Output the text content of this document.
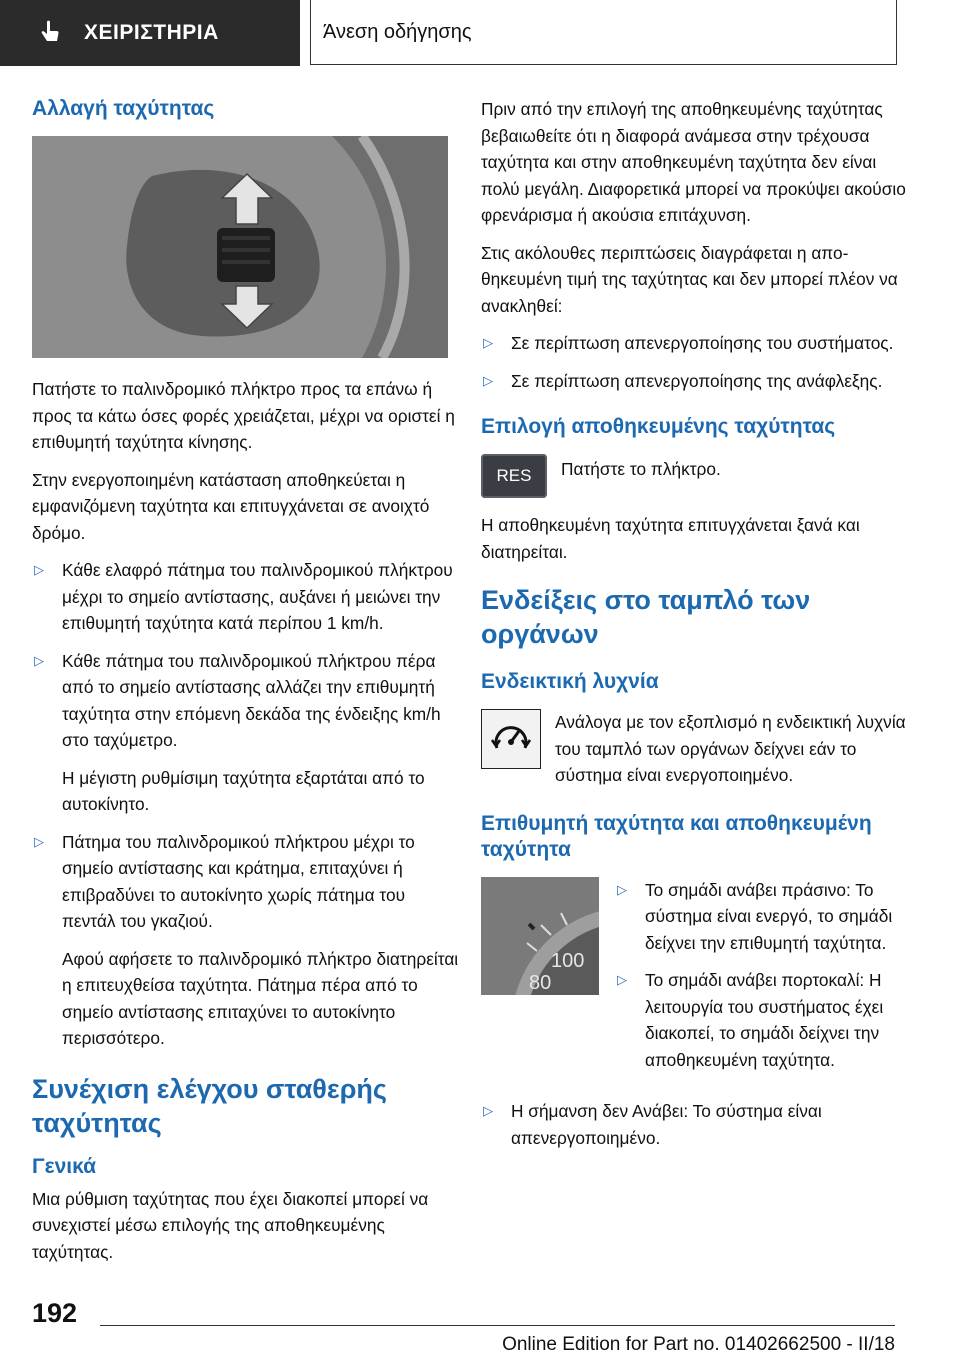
ΧΕΙΡΙΣΤΗΡΙΑ	Άνεση οδήγησης
Αλλαγή ταχύτητας

Πατήστε το παλινδρομικό πλήκτρο προς τα επάνω ή προς τα κάτω όσες φορές χρειάζεται, μέχρι να οριστεί η επιθυμητή ταχύτητα κίνησης.

Στην ενεργοποιημένη κατάσταση αποθηκεύεται η εμφανιζόμενη ταχύτητα και επιτυγχάνεται σε ανοιχτό δρόμο.

▷ Κάθε ελαφρό πάτημα του παλινδρομικού πλήκτρου μέχρι το σημείο αντίστασης, αυξάνει ή μειώνει την επιθυμητή ταχύτητα κατά περίπου 1 km/h.
▷ Κάθε πάτημα του παλινδρομικού πλήκτρου πέρα από το σημείο αντίστασης αλλάζει την επιθυμητή ταχύτητα στην επόμενη δεκάδα της ένδειξης km/h στο ταχύμετρο.
Η μέγιστη ρυθμίσιμη ταχύτητα εξαρτάται από το αυτοκίνητο.
▷ Πάτημα του παλινδρομικού πλήκτρου μέχρι το σημείο αντίστασης και κράτημα, επιταχύνει ή επιβραδύνει το αυτοκίνητο χωρίς πάτημα του πεντάλ του γκαζιού.
Αφού αφήσετε το παλινδρομικό πλήκτρο διατηρείται η επιτευχθείσα ταχύτητα. Πάτημα πέρα από το σημείο αντίστασης επιταχύνει το αυτοκίνητο περισσότερο.
Συνέχιση ελέγχου σταθερής ταχύτητας
Γενικά

Μια ρύθμιση ταχύτητας που έχει διακοπεί μπορεί να συνεχιστεί μέσω επιλογής της αποθηκευμένης ταχύτητας.

Πριν από την επιλογή της αποθηκευμένης ταχύτητας βεβαιωθείτε ότι η διαφορά ανάμεσα στην τρέχουσα ταχύτητα και στην αποθηκευμένη ταχύτητα δεν είναι πολύ μεγάλη. Διαφορετικά μπορεί να προκύψει ακούσιο φρενάρισμα ή ακούσια επιτάχυνση.

Στις ακόλουθες περιπτώσεις διαγράφεται η αποθηκευμένη τιμή της ταχύτητας και δεν μπορεί πλέον να ανακληθεί:

▷ Σε περίπτωση απενεργοποίησης του συστήματος.
▷ Σε περίπτωση απενεργοποίησης της ανάφλεξης.
Επιλογή αποθηκευμένης ταχύτητας
RES	Πατήστε το πλήκτρο.

Η αποθηκευμένη ταχύτητα επιτυγχάνεται ξανά και διατηρείται.

Ενδείξεις στο ταμπλό των οργάνων
Ενδεικτική λυχνία

Ανάλογα με τον εξοπλισμό η ενδεικτική λυχνία του ταμπλό των οργάνων δείχνει εάν το σύστημα είναι ενεργοποιημένο.

Επιθυμητή ταχύτητα και αποθηκευμένη ταχύτητα
100
80
▷ Το σημάδι ανάβει πράσινο: Το σύστημα είναι ενεργό, το σημάδι δείχνει την επιθυμητή ταχύτητα.
▷ Το σημάδι ανάβει πορτοκαλί: Η λειτουργία του συστήματος έχει διακοπεί, το σημάδι δείχνει την αποθηκευμένη ταχύτητα.
▷ Η σήμανση δεν Ανάβει: Το σύστημα είναι απενεργοποιημένο.
192
Online Edition for Part no. 01402662500 - II/18
